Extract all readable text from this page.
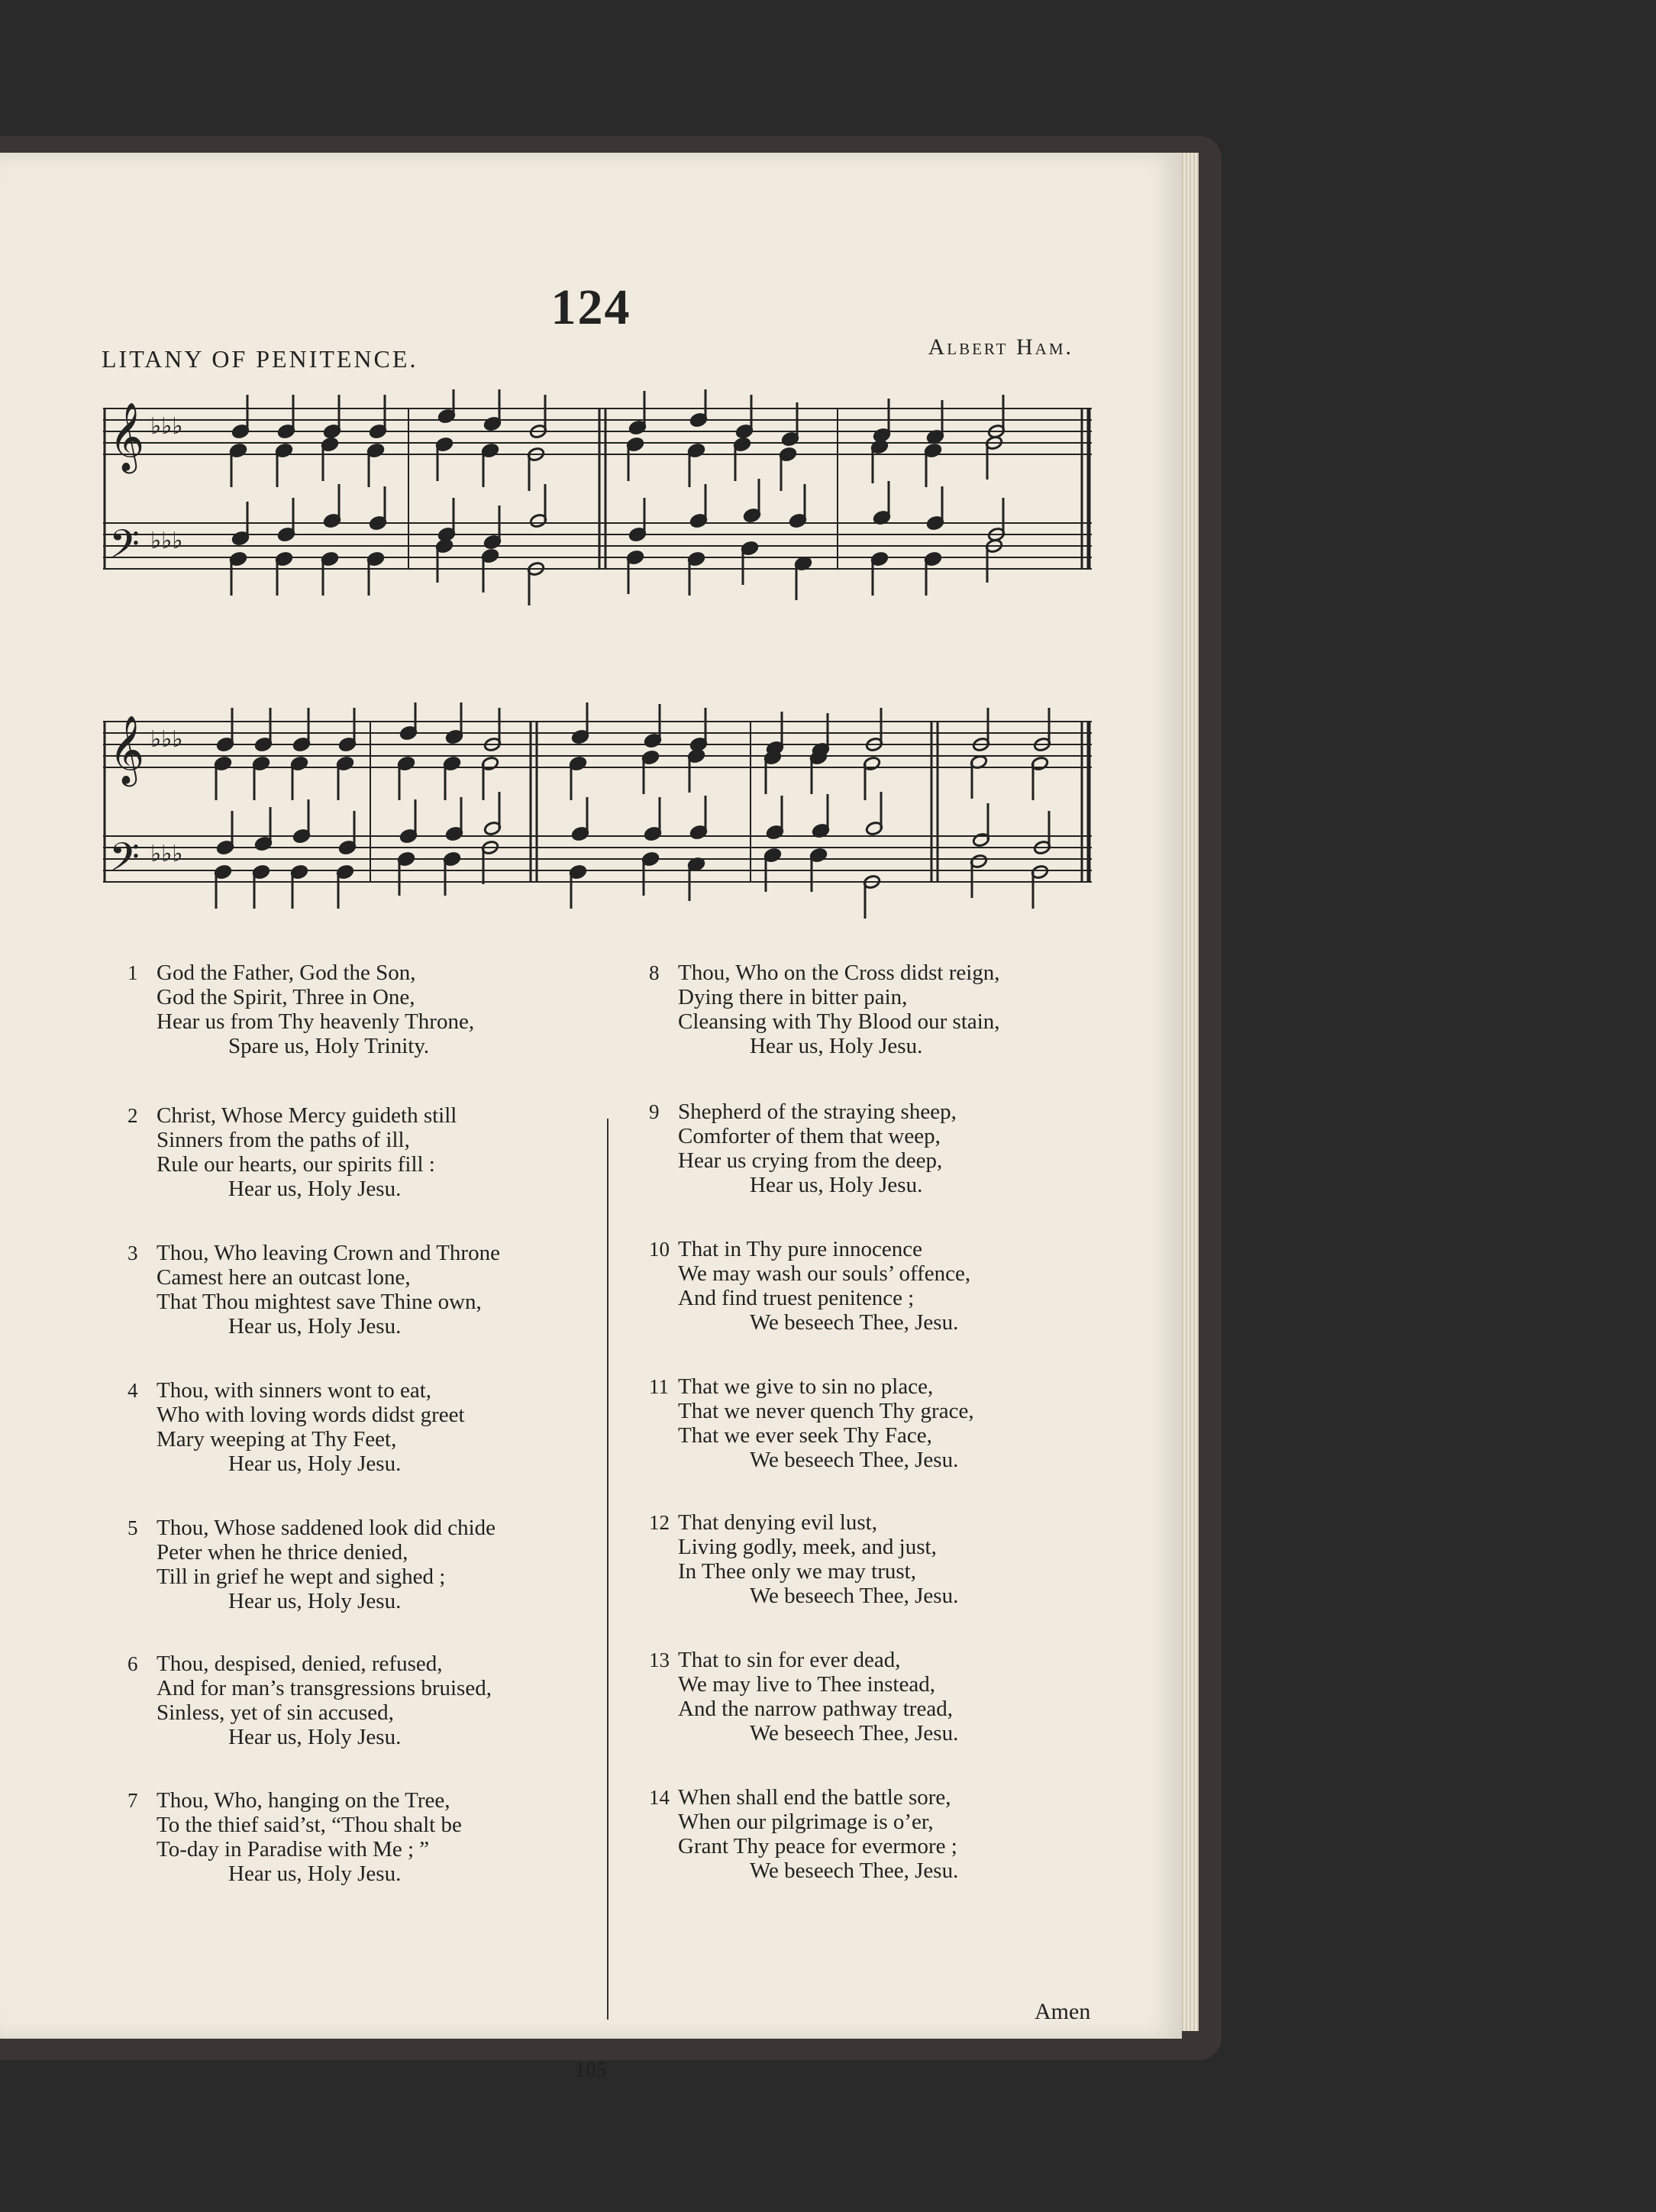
124
LITANY OF PENITENCE.	Albert Ham.
𝄞
𝄢
♭♭♭
♭♭♭
𝄞
𝄢
♭♭♭
♭♭♭
Amen
105
1 God the Father, God the Son,
God the Spirit, Three in One,
Hear us from Thy heavenly Throne,
Spare us, Holy Trinity.
2 Christ, Whose Mercy guideth still
Sinners from the paths of ill,
Rule our hearts, our spirits fill :
Hear us, Holy Jesu.
3 Thou, Who leaving Crown and Throne
Camest here an outcast lone,
That Thou mightest save Thine own,
Hear us, Holy Jesu.
4 Thou, with sinners wont to eat,
Who with loving words didst greet
Mary weeping at Thy Feet,
Hear us, Holy Jesu.
5 Thou, Whose saddened look did chide
Peter when he thrice denied,
Till in grief he wept and sighed ;
Hear us, Holy Jesu.
6 Thou, despised, denied, refused,
And for man’s transgressions bruised,
Sinless, yet of sin accused,
Hear us, Holy Jesu.
7 Thou, Who, hanging on the Tree,
To the thief said’st, “Thou shalt be
To-day in Paradise with Me ; ”
Hear us, Holy Jesu.
8 Thou, Who on the Cross didst reign,
Dying there in bitter pain,
Cleansing with Thy Blood our stain,
Hear us, Holy Jesu.
9 Shepherd of the straying sheep,
Comforter of them that weep,
Hear us crying from the deep,
Hear us, Holy Jesu.
10 That in Thy pure innocence
We may wash our souls’ offence,
And find truest penitence ;
We beseech Thee, Jesu.
11 That we give to sin no place,
That we never quench Thy grace,
That we ever seek Thy Face,
We beseech Thee, Jesu.
12 That denying evil lust,
Living godly, meek, and just,
In Thee only we may trust,
We beseech Thee, Jesu.
13 That to sin for ever dead,
We may live to Thee instead,
And the narrow pathway tread,
We beseech Thee, Jesu.
14 When shall end the battle sore,
When our pilgrimage is o’er,
Grant Thy peace for evermore ;
We beseech Thee, Jesu.
